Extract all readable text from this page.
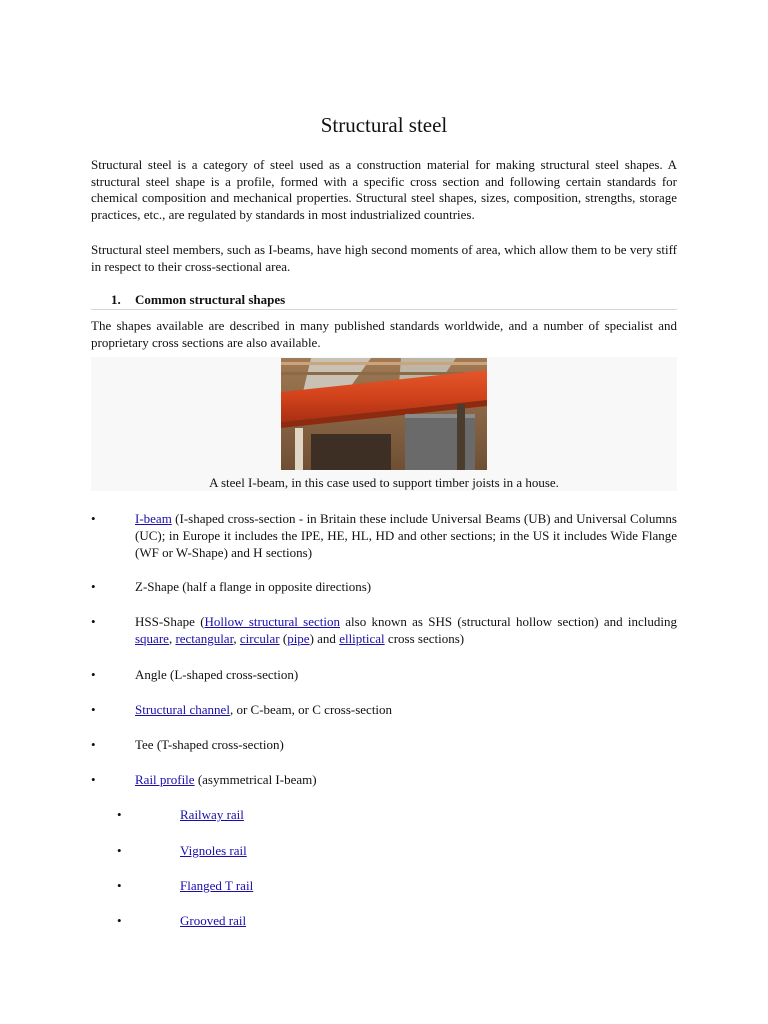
Structural steel

Structural steel is a category of steel used as a construction material for making structural steel shapes. A structural steel shape is a profile, formed with a specific cross section and following certain standards for chemical composition and mechanical properties. Structural steel shapes, sizes, composition, strengths, storage practices, etc., are regulated by standards in most industrialized countries.

Structural steel members, such as I-beams, have high second moments of area, which allow them to be very stiff in respect to their cross-sectional area.

1. Common structural shapes

The shapes available are described in many published standards worldwide, and a number of specialist and proprietary cross sections are also available.

A steel I-beam, in this case used to support timber joists in a house.
•	I-beam (I-shaped cross-section - in Britain these include Universal Beams (UB) and Universal Columns (UC); in Europe it includes the IPE, HE, HL, HD and other sections; in the US it includes Wide Flange (WF or W-Shape) and H sections)
•	Z-Shape (half a flange in opposite directions)
•	HSS-Shape (Hollow structural section also known as SHS (structural hollow section) and including square, rectangular, circular (pipe) and elliptical cross sections)
•	Angle (L-shaped cross-section)
•	Structural channel, or C-beam, or C cross-section
•	Tee (T-shaped cross-section)
•	Rail profile (asymmetrical I-beam)
•	Railway rail
•	Vignoles rail
•	Flanged T rail
•	Grooved rail
